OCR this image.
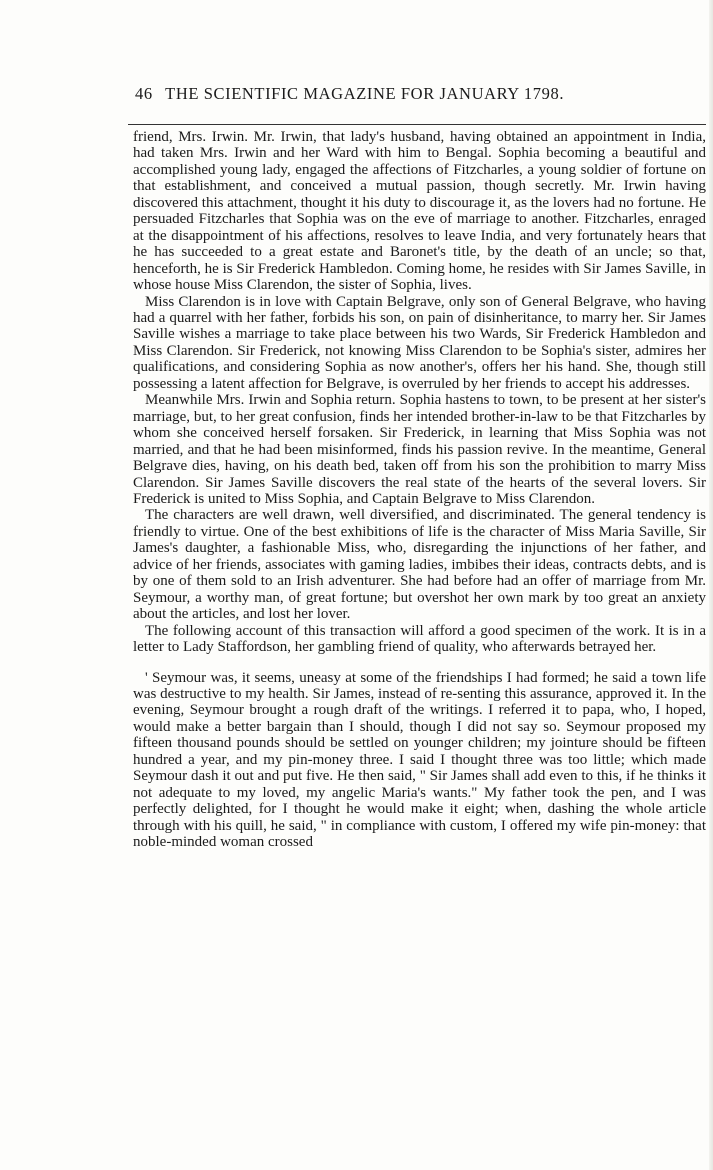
46 THE SCIENTIFIC MAGAZINE FOR JANUARY 1798.

friend, Mrs. Irwin. Mr. Irwin, that lady's husband, having obtained an appointment in India, had taken Mrs. Irwin and her Ward with him to Bengal. Sophia becoming a beautiful and accomplished young lady, engaged the affections of Fitzcharles, a young soldier of fortune on that establishment, and conceived a mutual passion, though secretly. Mr. Irwin having discovered this attachment, thought it his duty to discourage it, as the lovers had no fortune. He persuaded Fitzcharles that Sophia was on the eve of marriage to another. Fitzcharles, enraged at the disappointment of his affections, resolves to leave India, and very fortunately hears that he has succeeded to a great estate and Baronet's title, by the death of an uncle; so that, henceforth, he is Sir Frederick Hambledon. Coming home, he resides with Sir James Saville, in whose house Miss Clarendon, the sister of Sophia, lives.

Miss Clarendon is in love with Captain Belgrave, only son of General Belgrave, who having had a quarrel with her father, forbids his son, on pain of disinheritance, to marry her. Sir James Saville wishes a marriage to take place between his two Wards, Sir Frederick Hambledon and Miss Clarendon. Sir Frederick, not knowing Miss Clarendon to be Sophia's sister, admires her qualifications, and considering Sophia as now another's, offers her his hand. She, though still possessing a latent affection for Belgrave, is overruled by her friends to accept his addresses.

Meanwhile Mrs. Irwin and Sophia return. Sophia hastens to town, to be present at her sister's marriage, but, to her great confusion, finds her intended brother-in-law to be that Fitzcharles by whom she conceived herself forsaken. Sir Frederick, in learning that Miss Sophia was not married, and that he had been misinformed, finds his passion revive. In the meantime, General Belgrave dies, having, on his death bed, taken off from his son the prohibition to marry Miss Clarendon. Sir James Saville discovers the real state of the hearts of the several lovers. Sir Frederick is united to Miss Sophia, and Captain Belgrave to Miss Clarendon.

The characters are well drawn, well diversified, and discriminated. The general tendency is friendly to virtue. One of the best exhibitions of life is the character of Miss Maria Saville, Sir James's daughter, a fashionable Miss, who, disregarding the injunctions of her father, and advice of her friends, associates with gaming ladies, imbibes their ideas, contracts debts, and is by one of them sold to an Irish adventurer. She had before had an offer of marriage from Mr. Seymour, a worthy man, of great fortune; but overshot her own mark by too great an anxiety about the articles, and lost her lover.

The following account of this transaction will afford a good specimen of the work. It is in a letter to Lady Staffordson, her gambling friend of quality, who afterwards betrayed her.

' Seymour was, it seems, uneasy at some of the friendships I had formed; he said a town life was destructive to my health. Sir James, instead of re-senting this assurance, approved it. In the evening, Seymour brought a rough draft of the writings. I referred it to papa, who, I hoped, would make a better bargain than I should, though I did not say so. Seymour proposed my fifteen thousand pounds should be settled on younger children; my jointure should be fifteen hundred a year, and my pin-money three. I said I thought three was too little; which made Seymour dash it out and put five. He then said, " Sir James shall add even to this, if he thinks it not adequate to my loved, my angelic Maria's wants." My father took the pen, and I was perfectly delighted, for I thought he would make it eight; when, dashing the whole article through with his quill, he said, " in compliance with custom, I offered my wife pin-money: that noble-minded woman crossed
